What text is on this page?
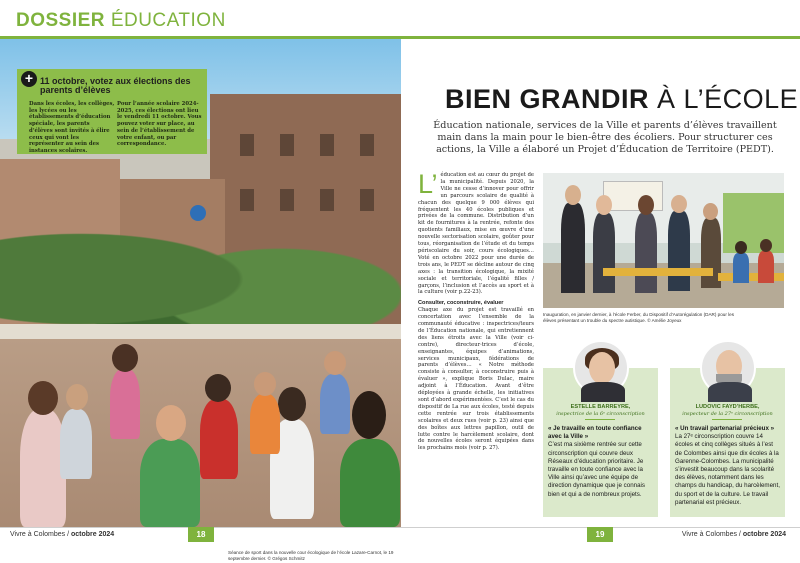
DOSSIER ÉDUCATION
Séance de sport dans la nouvelle cour écologique de l’école Lazare-Carnot, le 19 septembre dernier. © Grégos Schmitz
+ 11 octobre, votez aux élections des parents d’élèves
Dans les écoles, les collèges, les lycées ou les établissements d’éducation spéciale, les parents d’élèves sont invités à élire ceux qui vont les représenter au sein des instances scolaires.
Pour l’année scolaire 2024-2025, ces élections ont lieu le vendredi 11 octobre. Vous pouvez voter sur place, au sein de l’établissement de votre enfant, ou par correspondance.
BIEN GRANDIR À L’ÉCOLE
Éducation nationale, services de la Ville et parents d’élèves travaillent main dans la main pour le bien-être des écoliers. Pour structurer ces actions, la Ville a élaboré un Projet d’Éducation de Territoire (PEDT).
L’ éducation est au cœur du projet de la municipalité. Depuis 2020, la Ville ne cesse d’innover pour offrir un parcours scolaire de qualité à chacun des quelque 9 000 élèves qui fréquentent les 40 écoles publiques et privées de la commune. Distribution d’un kit de fournitures à la rentrée, refonte des quotients familiaux, mise en œuvre d’une nouvelle sectorisation scolaire, goûter pour tous, réorganisation de l’étude et du temps périscolaire du soir, cours écologiques… Voté en octobre 2022 pour une durée de trois ans, le PEDT se décline autour de cinq axes : la transition écologique, la mixité sociale et territoriale, l’égalité filles / garçons, l’inclusion et l’accès au sport et à la culture (voir p.22-23).
Consulter, coconstruire, évaluer
Chaque axe du projet est travaillé en concertation avec l’ensemble de la communauté éducative : inspectrices/teurs de l’Éducation nationale, qui entretiennent des liens étroits avec la Ville (voir ci-contre), directeur·trices d’école, enseignantes, équipes d’animations, services municipaux, fédérations de parents d’élèves… « Notre méthode consiste à consulter, à coconstruire puis à évaluer », explique Boris Dulac, maire adjoint à l’Éducation. Avant d’être déployées à grande échelle, les initiatives sont d’abord expérimentées. C’est le cas du dispositif de La rue aux écoles, testé depuis cette rentrée sur trois établissements scolaires et deux rues (voir p. 23) ainsi que des boîtes aux lettres papillon, outil de lutte contre le harcèlement scolaire, dont de nouvelles écoles seront équipées dans les prochains mois (voir p. 27).
Inauguration, en janvier dernier, à l’école Ferber, du Dispositif d’Autorégulation (DAR) pour les élèves présentant un trouble du spectre autistique. © Amélie Joyeux
ESTELLE BARREYRE,
inspectrice de la 6ᵉ circonscription
« Je travaille en toute confiance avec la Ville »
C’est ma sixième rentrée sur cette circonscription qui couvre deux Réseaux d’éducation prioritaire. Je travaille en toute confiance avec la Ville ainsi qu’avec une équipe de direction dynamique que je connais bien et qui a de nombreux projets.
LUDOVIC FAYD’HERBE,
inspecteur de la 27ᵉ circonscription
« Un travail partenarial précieux »
La 27ᵉ circonscription couvre 14 écoles et cinq collèges situés à l’est de Colombes ainsi que dix écoles à la Garenne-Colombes. La municipalité s’investit beaucoup dans la scolarité des élèves, notamment dans les champs du handicap, du harcèlement, du sport et de la culture. Le travail partenarial est précieux.
Vivre à Colombes / octobre 2024	18	19	Vivre à Colombes / octobre 2024
